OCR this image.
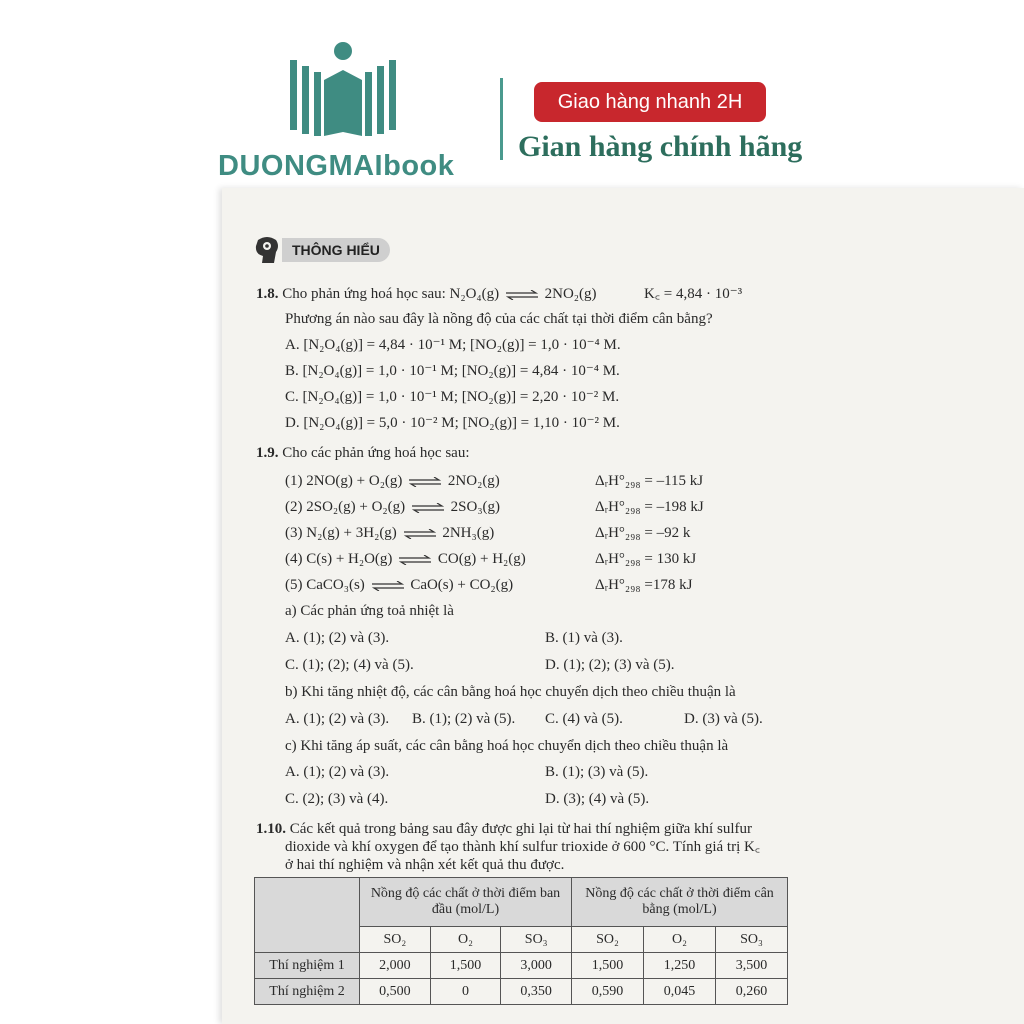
DUONGMAIbook
Giao hàng nhanh 2H
Gian hàng chính hãng
THÔNG HIỂU
1.8. Cho phản ứng hoá học sau: N₂O₄(g) ⇌ 2NO₂(g)	K꜀ = 4,84 · 10⁻³
Phương án nào sau đây là nồng độ của các chất tại thời điểm cân bằng?
A. [N₂O₄(g)] = 4,84 · 10⁻¹ M; [NO₂(g)] = 1,0 · 10⁻⁴ M.
B. [N₂O₄(g)] = 1,0 · 10⁻¹ M; [NO₂(g)] = 4,84 · 10⁻⁴ M.
C. [N₂O₄(g)] = 1,0 · 10⁻¹ M; [NO₂(g)] = 2,20 · 10⁻² M.
D. [N₂O₄(g)] = 5,0 · 10⁻² M; [NO₂(g)] = 1,10 · 10⁻² M.
1.9. Cho các phản ứng hoá học sau:
(1) 2NO(g) + O₂(g) ⇌ 2NO₂(g)	ΔᵣH°₂₉₈ = –115 kJ
(2) 2SO₂(g) + O₂(g) ⇌ 2SO₃(g)	ΔᵣH°₂₉₈ = –198 kJ
(3) N₂(g) + 3H₂(g) ⇌ 2NH₃(g)	ΔᵣH°₂₉₈ = –92 k
(4) C(s) + H₂O(g) ⇌ CO(g) + H₂(g)	ΔᵣH°₂₉₈ = 130 kJ
(5) CaCO₃(s) ⇌ CaO(s) + CO₂(g)	ΔᵣH°₂₉₈ =178 kJ
a) Các phản ứng toả nhiệt là
A. (1); (2) và (3).	B. (1) và (3).
C. (1); (2); (4) và (5).	D. (1); (2); (3) và (5).
b) Khi tăng nhiệt độ, các cân bằng hoá học chuyển dịch theo chiều thuận là
A. (1); (2) và (3). B. (1); (2) và (5). C. (4) và (5).	D. (3) và (5).
c) Khi tăng áp suất, các cân bằng hoá học chuyển dịch theo chiều thuận là
A. (1); (2) và (3).	B. (1); (3) và (5).
C. (2); (3) và (4).	D. (3); (4) và (5).
1.10. Các kết quả trong bảng sau đây được ghi lại từ hai thí nghiệm giữa khí sulfur
dioxide và khí oxygen để tạo thành khí sulfur trioxide ở 600 °C. Tính giá trị K꜀
ở hai thí nghiệm và nhận xét kết quả thu được.
	Nồng độ các chất ở thời điểm ban đầu (mol/L)			Nồng độ các chất ở thời điểm cân bằng (mol/L)		
	SO₂	O₂	SO₃	SO₂	O₂	SO₃
Thí nghiệm 1	2,000	1,500	3,000	1,500	1,250	3,500
Thí nghiệm 2	0,500	0	0,350	0,590	0,045	0,260
